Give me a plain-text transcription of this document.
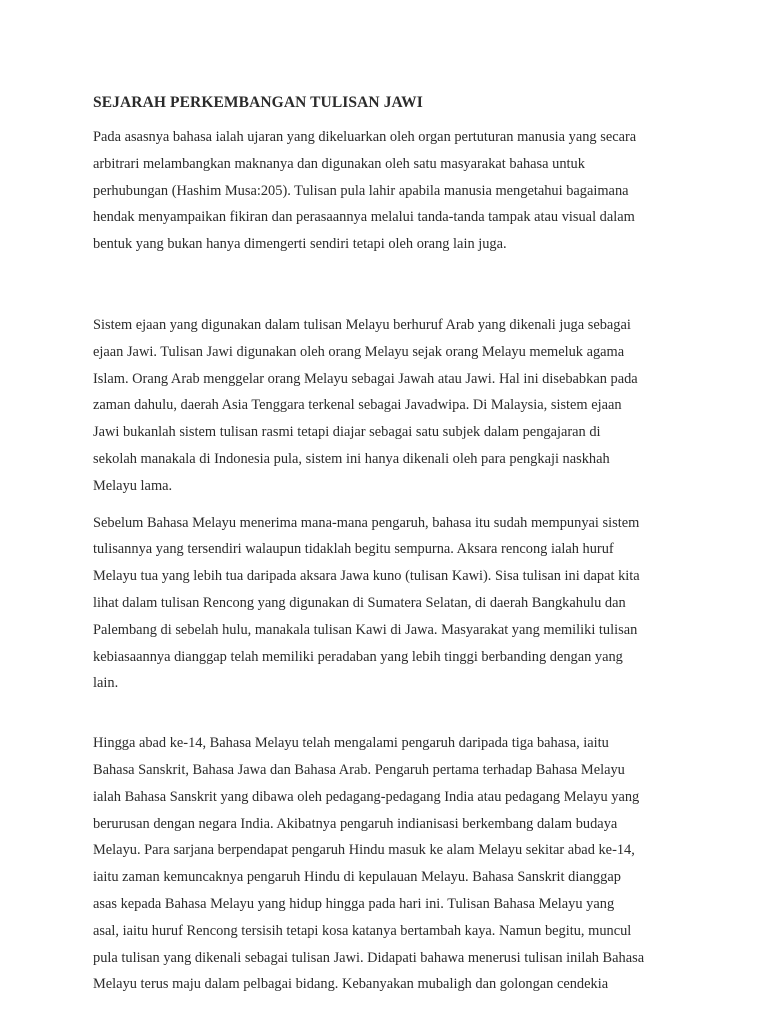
SEJARAH PERKEMBANGAN TULISAN JAWI

Pada asasnya bahasa ialah ujaran yang dikeluarkan oleh organ pertuturan manusia yang secara
arbitrari melambangkan maknanya dan digunakan oleh satu masyarakat bahasa untuk
perhubungan (Hashim Musa:205). Tulisan pula lahir apabila manusia mengetahui bagaimana
hendak menyampaikan fikiran dan perasaannya melalui tanda-tanda tampak atau visual dalam
bentuk yang bukan hanya dimengerti sendiri tetapi oleh orang lain juga.

Sistem ejaan yang digunakan dalam tulisan Melayu berhuruf Arab yang dikenali juga sebagai
ejaan Jawi. Tulisan Jawi digunakan oleh orang Melayu sejak orang Melayu memeluk agama
Islam. Orang Arab menggelar orang Melayu sebagai Jawah atau Jawi. Hal ini disebabkan pada
zaman dahulu, daerah Asia Tenggara terkenal sebagai Javadwipa. Di Malaysia, sistem ejaan
Jawi bukanlah sistem tulisan rasmi tetapi diajar sebagai satu subjek dalam pengajaran di
sekolah manakala di Indonesia pula, sistem ini hanya dikenali oleh para pengkaji naskhah
Melayu lama.

Sebelum Bahasa Melayu menerima mana-mana pengaruh, bahasa itu sudah mempunyai sistem
tulisannya yang tersendiri walaupun tidaklah begitu sempurna. Aksara rencong ialah huruf
Melayu tua yang lebih tua daripada aksara Jawa kuno (tulisan Kawi). Sisa tulisan ini dapat kita
lihat dalam tulisan Rencong yang digunakan di Sumatera Selatan, di daerah Bangkahulu dan
Palembang di sebelah hulu, manakala tulisan Kawi di Jawa. Masyarakat yang memiliki tulisan
kebiasaannya dianggap telah memiliki peradaban yang lebih tinggi berbanding dengan yang
lain.

Hingga abad ke-14, Bahasa Melayu telah mengalami pengaruh daripada tiga bahasa, iaitu
Bahasa Sanskrit, Bahasa Jawa dan Bahasa Arab. Pengaruh pertama terhadap Bahasa Melayu
ialah Bahasa Sanskrit yang dibawa oleh pedagang-pedagang India atau pedagang Melayu yang
berurusan dengan negara India. Akibatnya pengaruh indianisasi berkembang dalam budaya
Melayu. Para sarjana berpendapat pengaruh Hindu masuk ke alam Melayu sekitar abad ke-14,
iaitu zaman kemuncaknya pengaruh Hindu di kepulauan Melayu. Bahasa Sanskrit dianggap
asas kepada Bahasa Melayu yang hidup hingga pada hari ini. Tulisan Bahasa Melayu yang
asal, iaitu huruf Rencong tersisih tetapi kosa katanya bertambah kaya. Namun begitu, muncul
pula tulisan yang dikenali sebagai tulisan Jawi. Didapati bahawa menerusi tulisan inilah Bahasa
Melayu terus maju dalam pelbagai bidang. Kebanyakan mubaligh dan golongan cendekia
